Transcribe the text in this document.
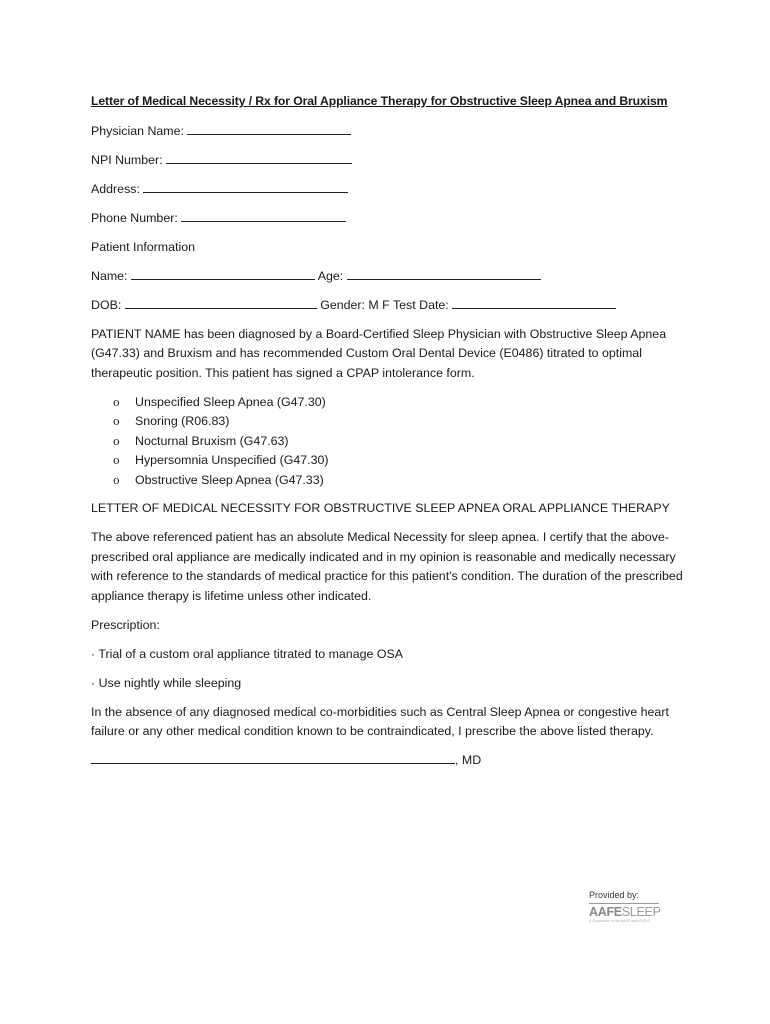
Letter of Medical Necessity / Rx for Oral Appliance Therapy for Obstructive Sleep Apnea and Bruxism
Physician Name:
NPI Number:
Address:
Phone Number:
Patient Information
Name:	Age:
DOB:	Gender: M F Test Date:
PATIENT NAME has been diagnosed by a Board-Certified Sleep Physician with Obstructive Sleep Apnea (G47.33) and Bruxism and has recommended Custom Oral Dental Device (E0486) titrated to optimal therapeutic position. This patient has signed a CPAP intolerance form.
o Unspecified Sleep Apnea (G47.30)
o Snoring (R06.83)
o Nocturnal Bruxism (G47.63)
o Hypersomnia Unspecified (G47.30)
o Obstructive Sleep Apnea (G47.33)
LETTER OF MEDICAL NECESSITY FOR OBSTRUCTIVE SLEEP APNEA ORAL APPLIANCE THERAPY
The above referenced patient has an absolute Medical Necessity for sleep apnea. I certify that the above-prescribed oral appliance are medically indicated and in my opinion is reasonable and medically necessary with reference to the standards of medical practice for this patient's condition. The duration of the prescribed appliance therapy is lifetime unless other indicated.
Prescription:
· Trial of a custom oral appliance titrated to manage OSA
· Use nightly while sleeping
In the absence of any diagnosed medical co-morbidities such as Central Sleep Apnea or congestive heart failure or any other medical condition known to be contraindicated, I prescribe the above listed therapy.
, MD
Provided by:
AAFESLEEP
A Corporation of the AAFE and AOSDS
